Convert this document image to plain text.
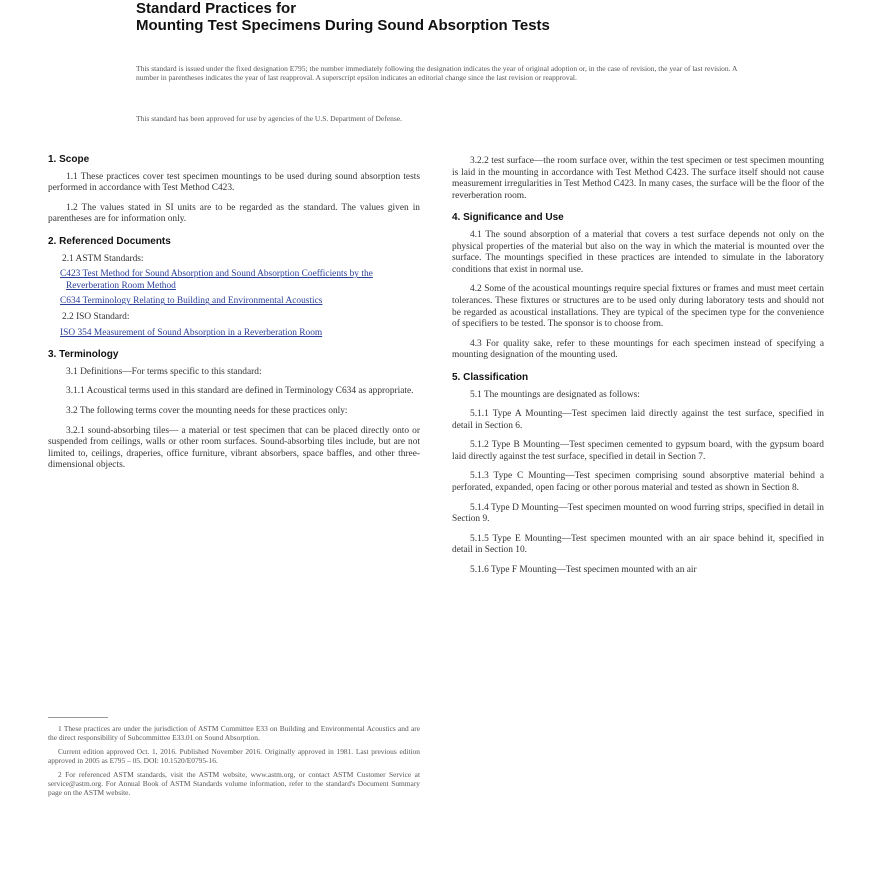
Standard Practices for
Mounting Test Specimens During Sound Absorption Tests
This standard is issued under the fixed designation E795; the number immediately following the designation indicates the year of original adoption or, in the case of revision, the year of last revision. A number in parentheses indicates the year of last reapproval. A superscript epsilon indicates an editorial change since the last revision or reapproval.
This standard has been approved for use by agencies of the U.S. Department of Defense.
1. Scope

1.1 These practices cover test specimen mountings to be used during sound absorption tests performed in accordance with Test Method C423.

1.2 The values stated in SI units are to be regarded as the standard. The values given in parentheses are for information only.

2. Referenced Documents

2.1 ASTM Standards:

C423 Test Method for Sound Absorption and Sound Absorption Coefficients by the Reverberation Room Method

C634 Terminology Relating to Building and Environmental Acoustics

2.2 ISO Standard:

ISO 354 Measurement of Sound Absorption in a Reverberation Room

3. Terminology

3.1 Definitions—For terms specific to this standard:

3.1.1 Acoustical terms used in this standard are defined in Terminology C634 as appropriate.

3.2 The following terms cover the mounting needs for these practices only:

3.2.1 sound-absorbing tiles— a material or test specimen that can be placed directly onto or suspended from ceilings, walls or other room surfaces. Sound-absorbing tiles include, but are not limited to, ceilings, draperies, office furniture, vibrant absorbers, space baffles, and other three-dimensional objects.

1 These practices are under the jurisdiction of ASTM Committee E33 on Building and Environmental Acoustics and are the direct responsibility of Subcommittee E33.01 on Sound Absorption.

Current edition approved Oct. 1, 2016. Published November 2016. Originally approved in 1981. Last previous edition approved in 2005 as E795 – 05. DOI: 10.1520/E0795-16.

2 For referenced ASTM standards, visit the ASTM website, www.astm.org, or contact ASTM Customer Service at service@astm.org. For Annual Book of ASTM Standards volume information, refer to the standard's Document Summary page on the ASTM website.

3.2.2 test surface—the room surface over, within the test specimen or test specimen mounting is laid in the mounting in accordance with Test Method C423. The surface itself should not cause measurement irregularities in Test Method C423. In many cases, the surface will be the floor of the reverberation room.

4. Significance and Use

4.1 The sound absorption of a material that covers a test surface depends not only on the physical properties of the material but also on the way in which the material is mounted over the surface. The mountings specified in these practices are intended to simulate in the laboratory conditions that exist in normal use.

4.2 Some of the acoustical mountings require special fixtures or frames and must meet certain tolerances. These fixtures or structures are to be used only during laboratory tests and should not be regarded as acoustical installations. They are typical of the specimen type for the convenience of specifiers to be tested. The sponsor is to choose from.

4.3 For quality sake, refer to these mountings for each specimen instead of specifying a mounting designation of the mounting used.

5. Classification

5.1 The mountings are designated as follows:

5.1.1 Type A Mounting—Test specimen laid directly against the test surface, specified in detail in Section 6.

5.1.2 Type B Mounting—Test specimen cemented to gypsum board, with the gypsum board laid directly against the test surface, specified in detail in Section 7.

5.1.3 Type C Mounting—Test specimen comprising sound absorptive material behind a perforated, expanded, open facing or other porous material and tested as shown in Section 8.

5.1.4 Type D Mounting—Test specimen mounted on wood furring strips, specified in detail in Section 9.

5.1.5 Type E Mounting—Test specimen mounted with an air space behind it, specified in detail in Section 10.

5.1.6 Type F Mounting—Test specimen mounted with an air
